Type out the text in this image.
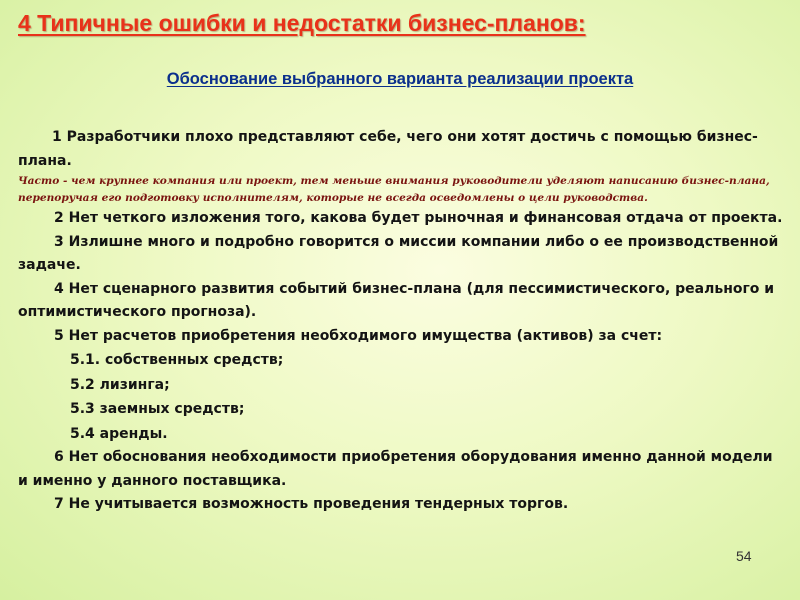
4 Типичные ошибки и недостатки бизнес-планов:
Обоснование выбранного варианта реализации проекта

1 Разработчики плохо представляют себе, чего они хотят достичь с помощью бизнес-плана.

Часто - чем крупнее компания или проект, тем меньше внимания руководители уделяют написанию бизнес-плана, перепоручая его подготовку исполнителям, которые не всегда осведомлены о цели руководства.

2 Нет четкого изложения того, какова будет рыночная и финансовая отдача от проекта.

3 Излишне много и подробно говорится о миссии компании либо о ее производственной задаче.

4 Нет сценарного развития событий бизнес-плана (для пессимистического, реального и оптимистического прогноза).

5 Нет расчетов приобретения необходимого имущества (активов) за счет:

5.1. собственных средств;

5.2 лизинга;

5.3 заемных средств;

5.4 аренды.

6 Нет обоснования необходимости приобретения оборудования именно данной модели и именно у данного поставщика.

7 Не учитывается возможность проведения тендерных торгов.

54
